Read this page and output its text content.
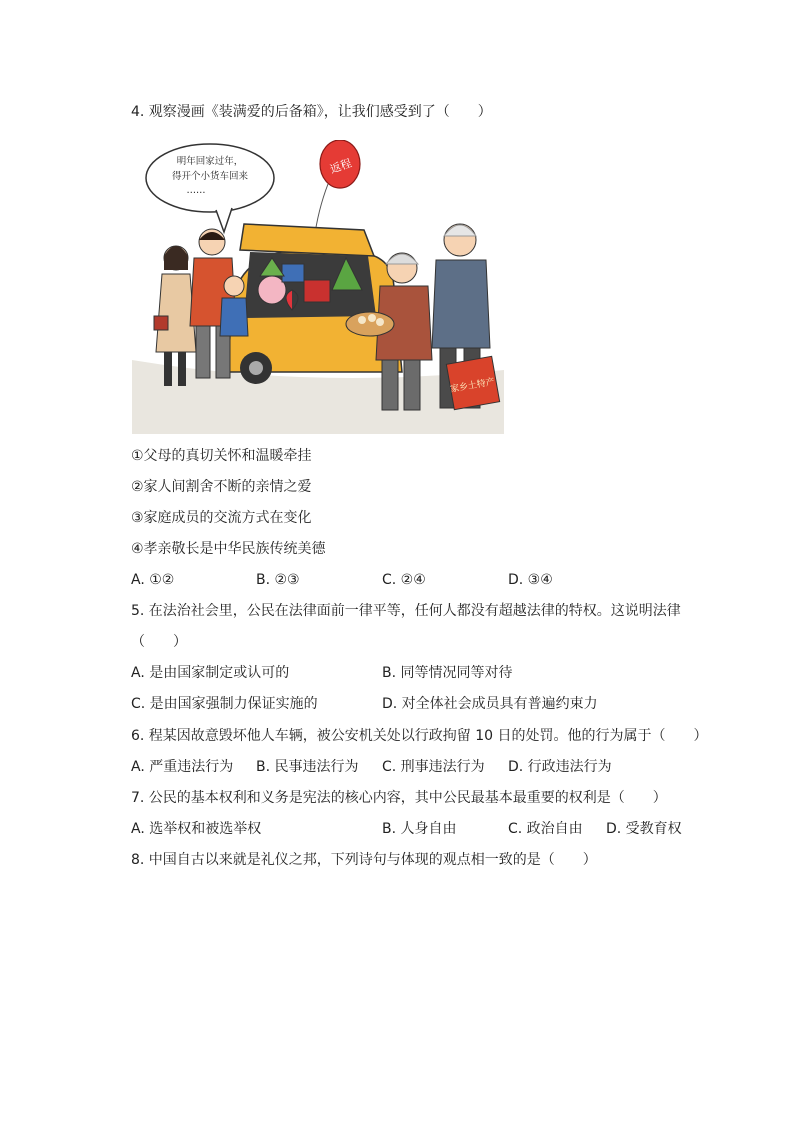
4. 观察漫画《装满爱的后备箱》，让我们感受到了（　　）
明年回家过年，
得开个小货车回来
……
返程
家乡土特产
①父母的真切关怀和温暖牵挂
②家人间割舍不断的亲情之爱
③家庭成员的交流方式在变化
④孝亲敬长是中华民族传统美德
A. ①②	B. ②③	C. ②④	D. ③④
5. 在法治社会里，公民在法律面前一律平等，任何人都没有超越法律的特权。这说明法律
（　　）
A. 是由国家制定或认可的	B. 同等情况同等对待
C. 是由国家强制力保证实施的	D. 对全体社会成员具有普遍约束力
6. 程某因故意毁坏他人车辆，被公安机关处以行政拘留 10 日的处罚。他的行为属于（　　）
A. 严重违法行为 B. 民事违法行为 C. 刑事违法行为 D. 行政违法行为
7. 公民的基本权利和义务是宪法的核心内容，其中公民最基本最重要的权利是（　　）
A. 选举权和被选举权	B. 人身自由	C. 政治自由 D. 受教育权
8. 中国自古以来就是礼仪之邦，下列诗句与体现的观点相一致的是（　　）
